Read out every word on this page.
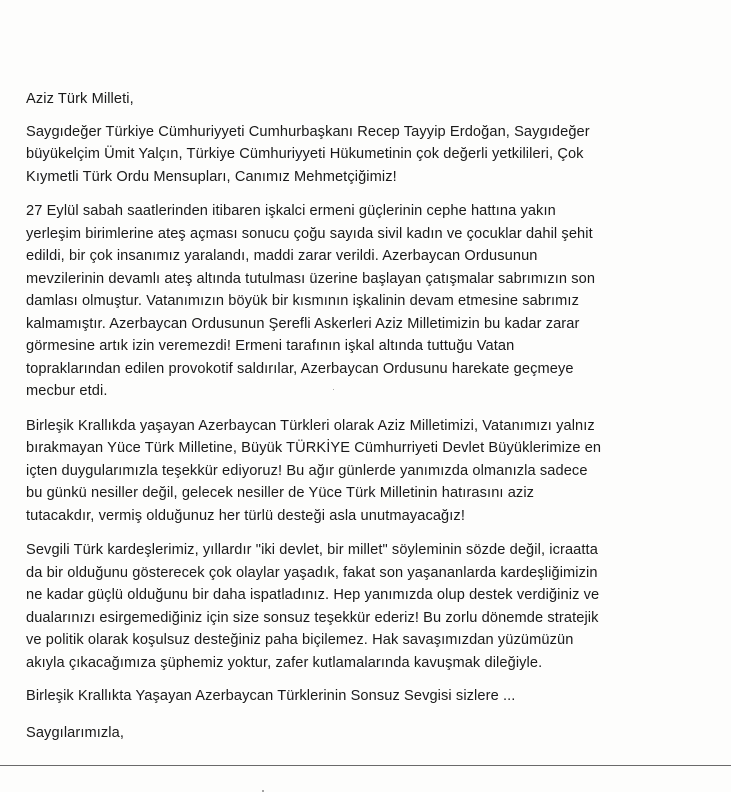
Aziz Türk Milleti,

Saygıdeğer Türkiye Cümhuriyyeti Cumhurbaşkanı Recep Tayyip Erdoğan, Saygıdeğer
büyükelçim Ümit Yalçın, Türkiye Cümhuriyyeti Hükumetinin çok değerli yetkilileri, Çok
Kıymetli Türk Ordu Mensupları, Canımız Mehmetçiğimiz!

27 Eylül sabah saatlerinden itibaren işkalci ermeni güçlerinin cephe hattına yakın
yerleşim birimlerine ateş açması sonucu çoğu sayıda sivil kadın ve çocuklar dahil şehit
edildi, bir çok insanımız yaralandı, maddi zarar verildi. Azerbaycan Ordusunun
mevzilerinin devamlı ateş altında tutulması üzerine başlayan çatışmalar sabrımızın son
damlası olmuştur. Vatanımızın böyük bir kısmının işkalinin devam etmesine sabrımız
kalmamıştır. Azerbaycan Ordusunun Şerefli Askerleri Aziz Milletimizin bu kadar zarar
görmesine artık izin veremezdi! Ermeni tarafının işkal altında tuttuğu Vatan
topraklarından edilen provokotif saldırılar, Azerbaycan Ordusunu harekate geçmeye
mecbur etdi.

Birleşik Krallıkda yaşayan Azerbaycan Türkleri olarak Aziz Milletimizi, Vatanımızı yalnız
bırakmayan Yüce Türk Milletine, Büyük TÜRKİYE Cümhurriyeti Devlet Büyüklerimize en
içten duygularımızla teşekkür ediyoruz! Bu ağır günlerde yanımızda olmanızla sadece
bu günkü nesiller değil, gelecek nesiller de Yüce Türk Milletinin hatırasını aziz
tutacakdır, vermiş olduğunuz her türlü desteği asla unutmayacağız!

Sevgili Türk kardeşlerimiz, yıllardır "iki devlet, bir millet" söyleminin sözde değil, icraatta
da bir olduğunu gösterecek çok olaylar yaşadık, fakat son yaşananlarda kardeşliğimizin
ne kadar güçlü olduğunu bir daha ispatladınız. Hep yanımızda olup destek verdiğiniz ve
dualarınızı esirgemediğiniz için size sonsuz teşekkür ederiz! Bu zorlu dönemde stratejik
ve politik olarak koşulsuz desteğiniz paha biçilemez. Hak savaşımızdan yüzümüzün
akıyla çıkacağımıza şüphemiz yoktur, zafer kutlamalarında kavuşmak dileğiyle.

Birleşik Krallıkta Yaşayan Azerbaycan Türklerinin Sonsuz Sevgisi sizlere ...

Saygılarımızla,
